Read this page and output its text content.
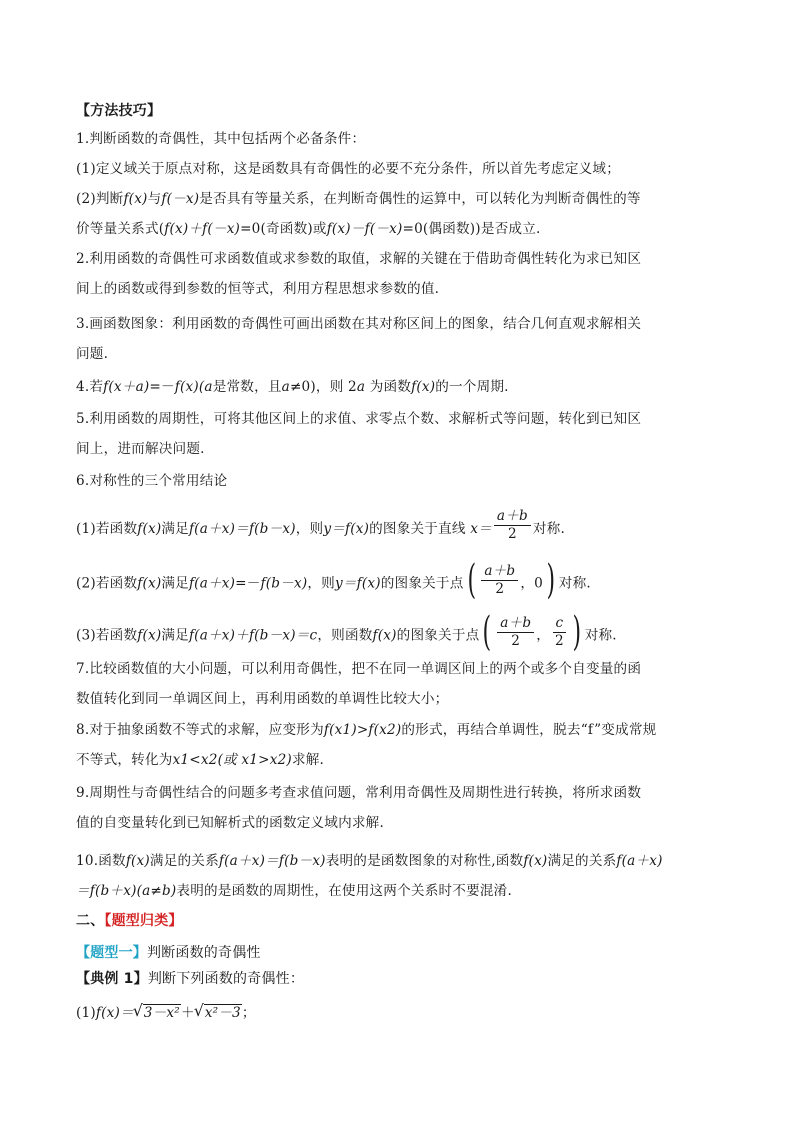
【方法技巧】
1.判断函数的奇偶性，其中包括两个必备条件：
(1)定义域关于原点对称，这是函数具有奇偶性的必要不充分条件，所以首先考虑定义域；
(2)判断f(x)与f(－x)是否具有等量关系，在判断奇偶性的运算中，可以转化为判断奇偶性的等
价等量关系式(f(x)＋f(－x)=0(奇函数)或f(x)－f(－x)=0(偶函数))是否成立.
2.利用函数的奇偶性可求函数值或求参数的取值，求解的关键在于借助奇偶性转化为求已知区
间上的函数或得到参数的恒等式，利用方程思想求参数的值.
3.画函数图象：利用函数的奇偶性可画出函数在其对称区间上的图象，结合几何直观求解相关
问题.
4.若f(x＋a)=－f(x)(a是常数，且a≠0)，则 2a 为函数f(x)的一个周期.
5.利用函数的周期性，可将其他区间上的求值、求零点个数、求解析式等问题，转化到已知区
间上，进而解决问题.
6.对称性的三个常用结论
(1)若函数f(x)满足f(a＋x)＝f(b－x)，则y＝f(x)的图象关于直线 $x= \frac{a+b}{2}$ 对称.
(2)若函数f(x)满足f(a＋x)=－f(b－x)，则y＝f(x)的图象关于点( $\frac{a+b}{2}$ ，0) 对称.
(3)若函数f(x)满足f(a＋x)＋f(b－x)＝c，则函数f(x)的图象关于点( $\frac{a+b}{2}$ ， $\frac{c}{2}$ ) 对称.
7.比较函数值的大小问题，可以利用奇偶性，把不在同一单调区间上的两个或多个自变量的函
数值转化到同一单调区间上，再利用函数的单调性比较大小；
8.对于抽象函数不等式的求解，应变形为f(x1)>f(x2)的形式，再结合单调性，脱去“f”变成常规
不等式，转化为x1<x2(或 x1>x2)求解.
9.周期性与奇偶性结合的问题多考查求值问题，常利用奇偶性及周期性进行转换，将所求函数
值的自变量转化到已知解析式的函数定义域内求解.
10.函数f(x)满足的关系f(a＋x)＝f(b－x)表明的是函数图象的对称性,函数f(x)满足的关系f(a＋x)
＝f(b＋x)(a≠b)表明的是函数的周期性，在使用这两个关系时不要混淆.
二、【题型归类】
【题型一】判断函数的奇偶性
【典例 1】判断下列函数的奇偶性：
(1)f(x)＝ √ 3－x²＋ √ x²－3；
